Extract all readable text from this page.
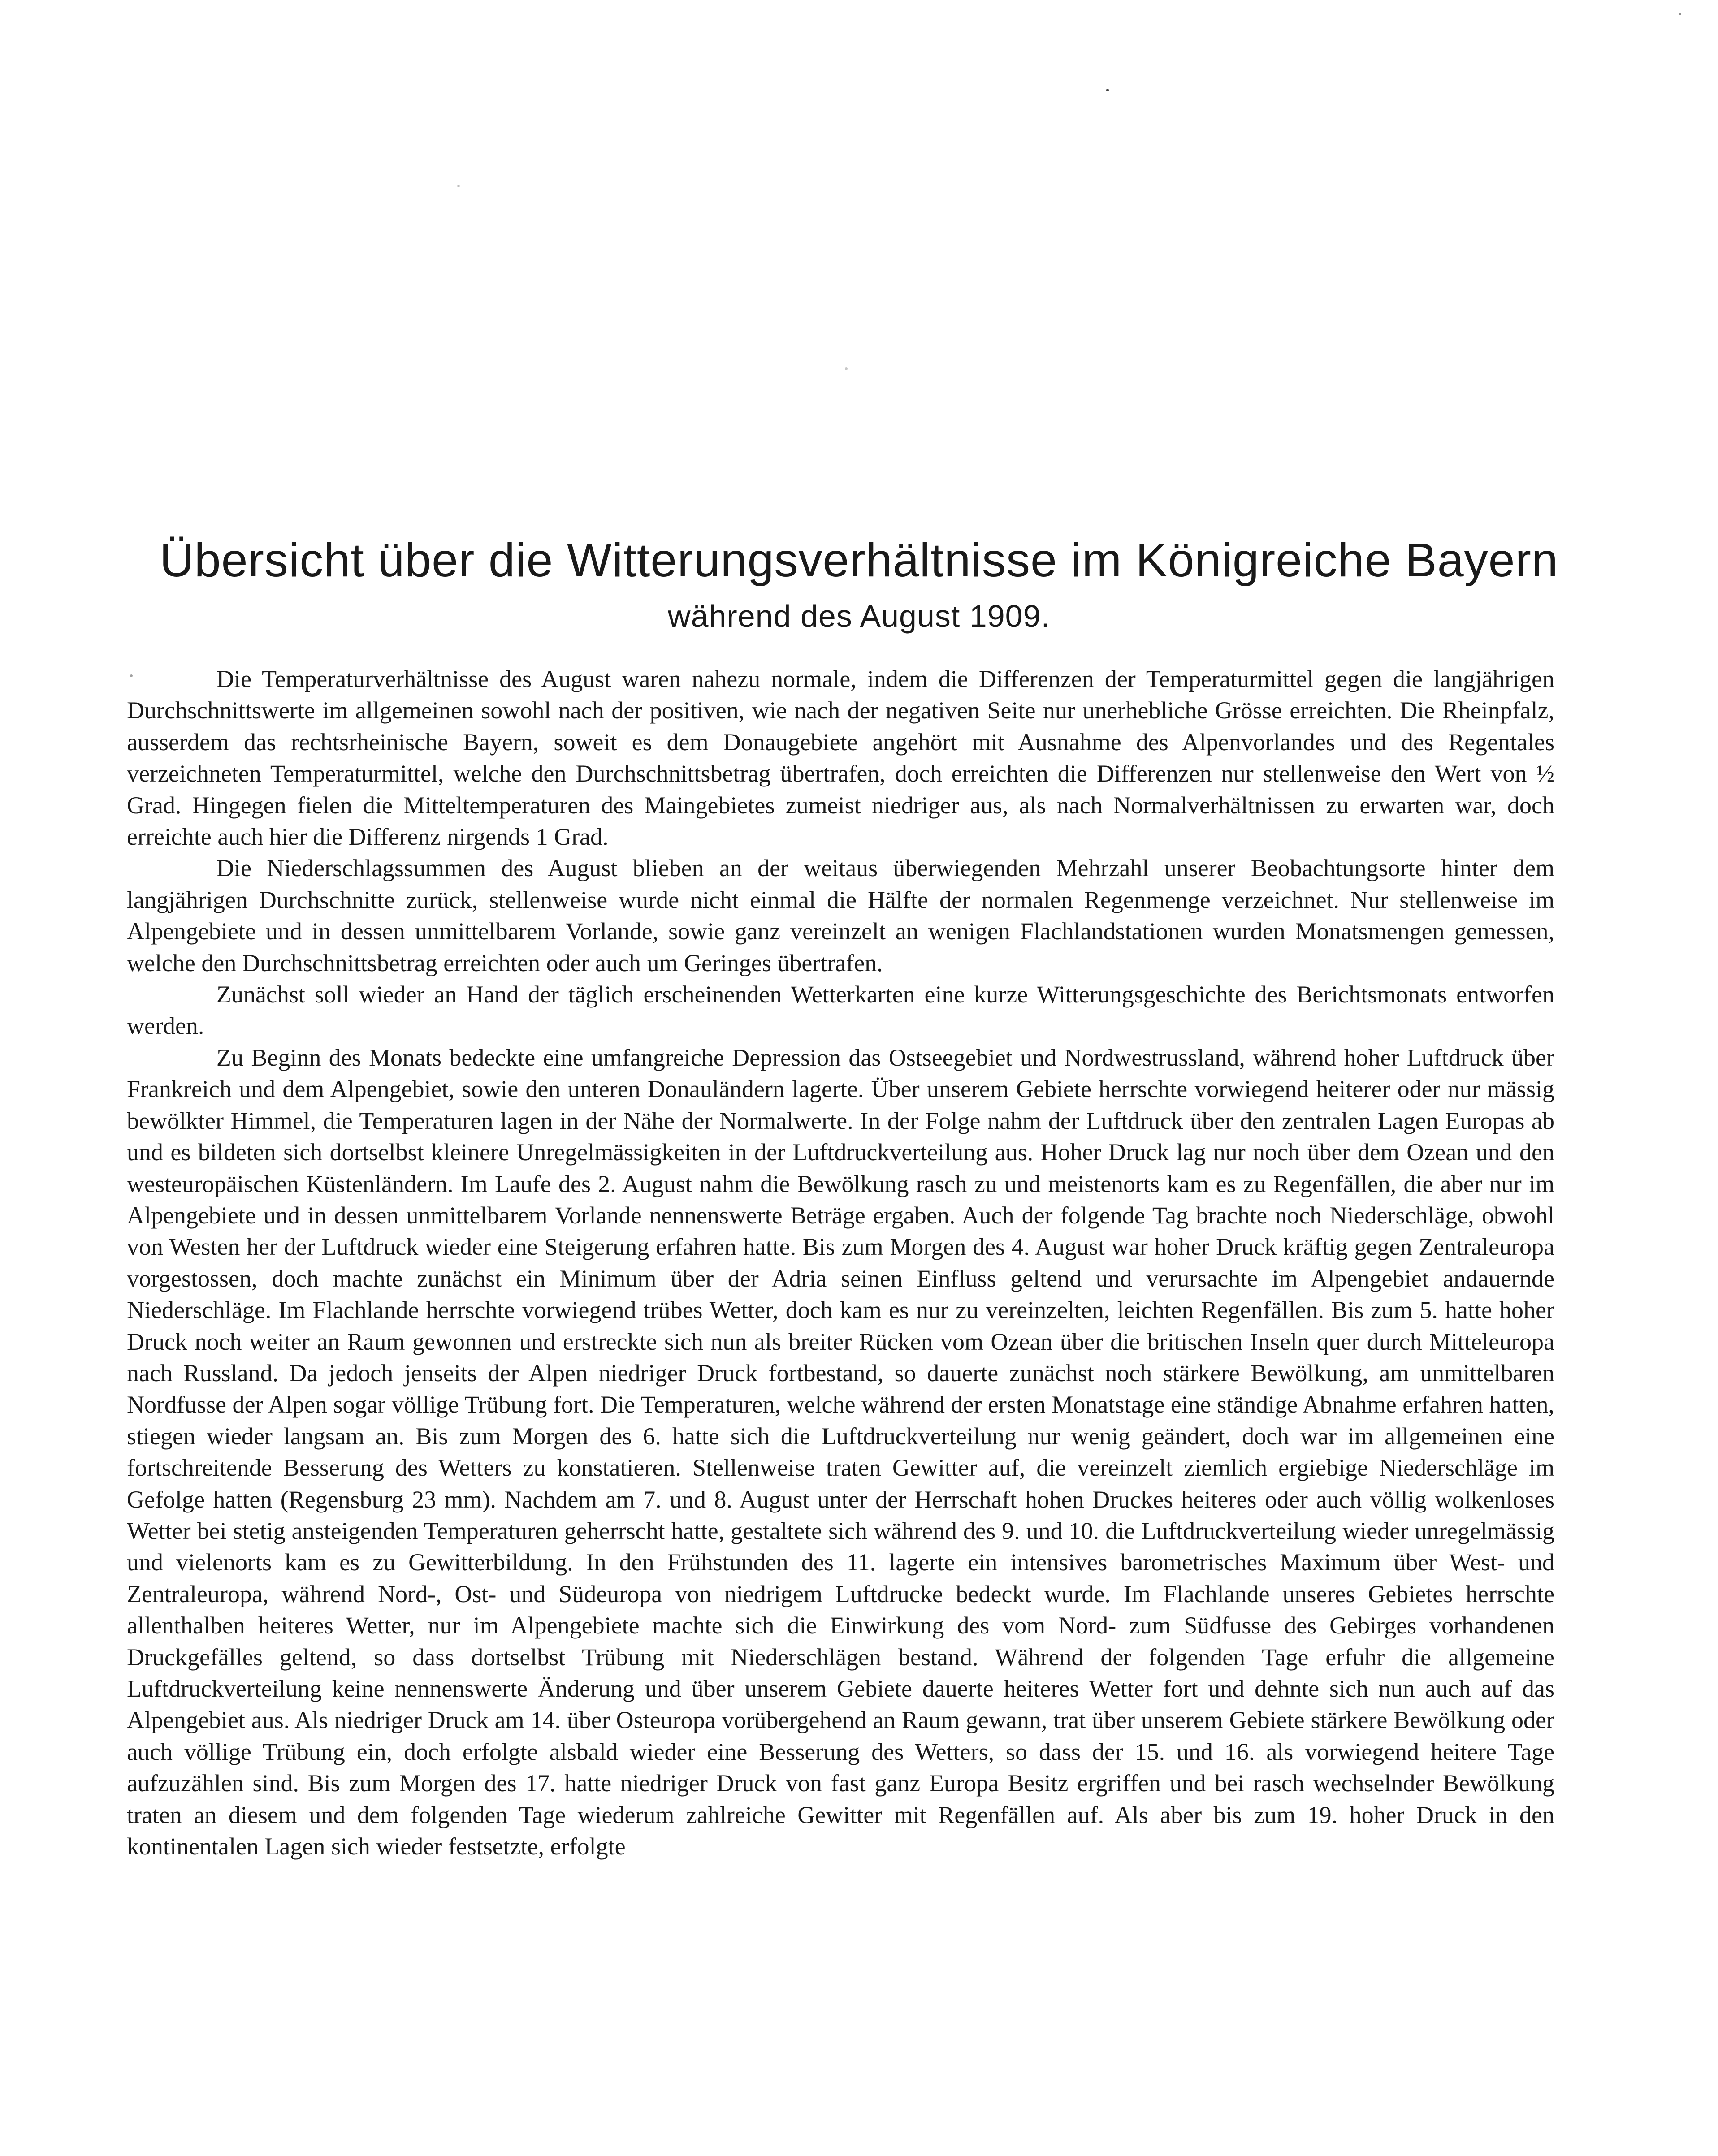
Übersicht über die Witterungsverhältnisse im Königreiche Bayern
während des August 1909.

Die Temperaturverhältnisse des August waren nahezu normale, indem die Differenzen der Temperaturmittel gegen die langjährigen Durchschnittswerte im allgemeinen sowohl nach der positiven, wie nach der negativen Seite nur unerhebliche Grösse erreichten. Die Rheinpfalz, ausserdem das rechtsrheinische Bayern, soweit es dem Donaugebiete angehört mit Ausnahme des Alpenvorlandes und des Regentales verzeichneten Temperaturmittel, welche den Durchschnittsbetrag übertrafen, doch erreichten die Differenzen nur stellenweise den Wert von ½ Grad. Hingegen fielen die Mitteltemperaturen des Maingebietes zumeist niedriger aus, als nach Normalverhältnissen zu erwarten war, doch erreichte auch hier die Differenz nirgends 1 Grad.

Die Niederschlagssummen des August blieben an der weitaus überwiegenden Mehrzahl unserer Beobachtungsorte hinter dem langjährigen Durchschnitte zurück, stellenweise wurde nicht einmal die Hälfte der normalen Regenmenge verzeichnet. Nur stellenweise im Alpengebiete und in dessen unmittelbarem Vorlande, sowie ganz vereinzelt an wenigen Flachlandstationen wurden Monatsmengen gemessen, welche den Durchschnittsbetrag erreichten oder auch um Geringes übertrafen.

Zunächst soll wieder an Hand der täglich erscheinenden Wetterkarten eine kurze Witterungsgeschichte des Berichtsmonats entworfen werden.

Zu Beginn des Monats bedeckte eine umfangreiche Depression das Ostseegebiet und Nordwestrussland, während hoher Luftdruck über Frankreich und dem Alpengebiet, sowie den unteren Donauländern lagerte. Über unserem Gebiete herrschte vorwiegend heiterer oder nur mässig bewölkter Himmel, die Temperaturen lagen in der Nähe der Normalwerte. In der Folge nahm der Luftdruck über den zentralen Lagen Europas ab und es bildeten sich dortselbst kleinere Unregelmässigkeiten in der Luftdruckverteilung aus. Hoher Druck lag nur noch über dem Ozean und den westeuropäischen Küstenländern. Im Laufe des 2. August nahm die Bewölkung rasch zu und meistenorts kam es zu Regenfällen, die aber nur im Alpengebiete und in dessen unmittelbarem Vorlande nennenswerte Beträge ergaben. Auch der folgende Tag brachte noch Niederschläge, obwohl von Westen her der Luftdruck wieder eine Steigerung erfahren hatte. Bis zum Morgen des 4. August war hoher Druck kräftig gegen Zentraleuropa vorgestossen, doch machte zunächst ein Minimum über der Adria seinen Einfluss geltend und verursachte im Alpengebiet andauernde Niederschläge. Im Flachlande herrschte vorwiegend trübes Wetter, doch kam es nur zu vereinzelten, leichten Regenfällen. Bis zum 5. hatte hoher Druck noch weiter an Raum gewonnen und erstreckte sich nun als breiter Rücken vom Ozean über die britischen Inseln quer durch Mitteleuropa nach Russland. Da jedoch jenseits der Alpen niedriger Druck fortbestand, so dauerte zunächst noch stärkere Bewölkung, am unmittelbaren Nordfusse der Alpen sogar völlige Trübung fort. Die Temperaturen, welche während der ersten Monatstage eine ständige Abnahme erfahren hatten, stiegen wieder langsam an. Bis zum Morgen des 6. hatte sich die Luftdruckverteilung nur wenig geändert, doch war im allgemeinen eine fortschreitende Besserung des Wetters zu konstatieren. Stellenweise traten Gewitter auf, die vereinzelt ziemlich ergiebige Niederschläge im Gefolge hatten (Regensburg 23 mm). Nachdem am 7. und 8. August unter der Herrschaft hohen Druckes heiteres oder auch völlig wolkenloses Wetter bei stetig ansteigenden Temperaturen geherrscht hatte, gestaltete sich während des 9. und 10. die Luftdruckverteilung wieder unregelmässig und vielenorts kam es zu Gewitterbildung. In den Frühstunden des 11. lagerte ein intensives barometrisches Maximum über West- und Zentraleuropa, während Nord-, Ost- und Südeuropa von niedrigem Luftdrucke bedeckt wurde. Im Flachlande unseres Gebietes herrschte allenthalben heiteres Wetter, nur im Alpengebiete machte sich die Einwirkung des vom Nord- zum Südfusse des Gebirges vorhandenen Druckgefälles geltend, so dass dortselbst Trübung mit Niederschlägen bestand. Während der folgenden Tage erfuhr die allgemeine Luftdruckverteilung keine nennenswerte Änderung und über unserem Gebiete dauerte heiteres Wetter fort und dehnte sich nun auch auf das Alpengebiet aus. Als niedriger Druck am 14. über Osteuropa vorübergehend an Raum gewann, trat über unserem Gebiete stärkere Bewölkung oder auch völlige Trübung ein, doch erfolgte alsbald wieder eine Besserung des Wetters, so dass der 15. und 16. als vorwiegend heitere Tage aufzuzählen sind. Bis zum Morgen des 17. hatte niedriger Druck von fast ganz Europa Besitz ergriffen und bei rasch wechselnder Bewölkung traten an diesem und dem folgenden Tage wiederum zahlreiche Gewitter mit Regenfällen auf. Als aber bis zum 19. hoher Druck in den kontinentalen Lagen sich wieder festsetzte, erfolgte
